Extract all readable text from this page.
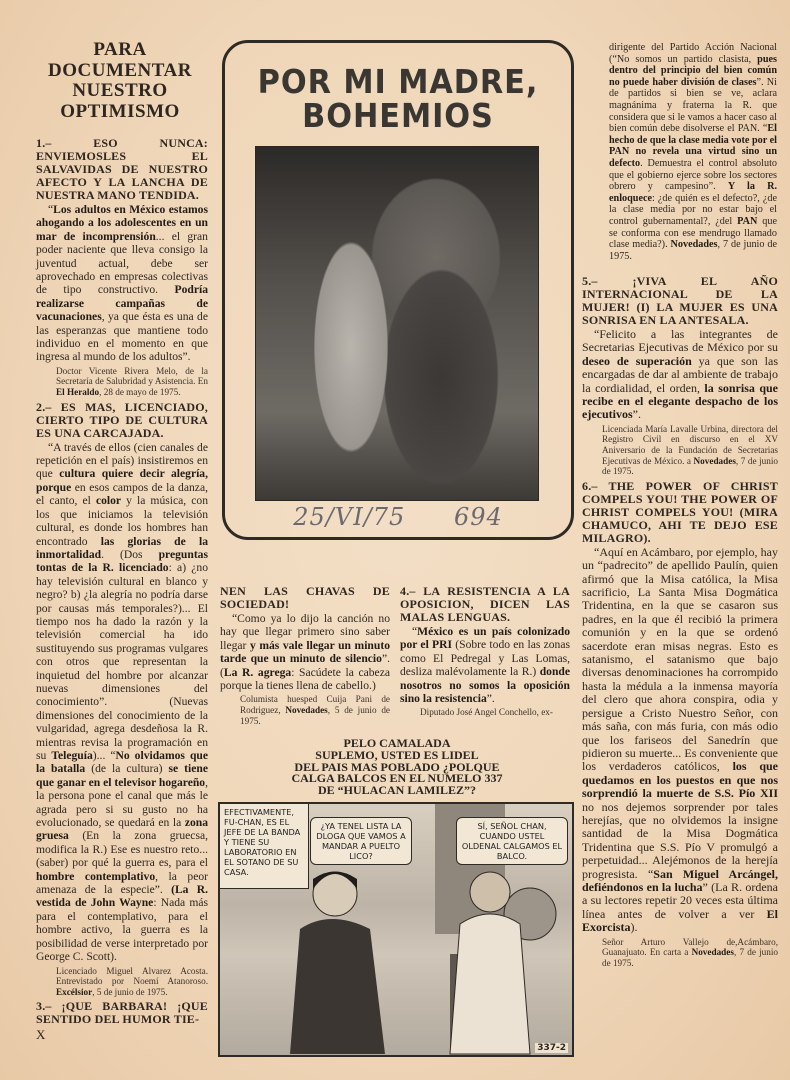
PARA
DOCUMENTAR
NUESTRO
OPTIMISMO
1.– ESO NUNCA: ENVIEMOSLES EL SALVAVIDAS DE NUESTRO AFECTO Y LA LANCHA DE NUESTRA MANO TENDIDA.

“Los adultos en México estamos ahogando a los adolescentes en un mar de incomprensión... el gran poder naciente que lleva consigo la juventud actual, debe ser aprovechado en empresas colectivas de tipo constructivo. Podría realizarse campañas de vacunaciones, ya que ésta es una de las esperanzas que mantiene todo individuo en el momento en que ingresa al mundo de los adultos”.

Doctor Vicente Rivera Melo, de la Secretaría de Salubridad y Asistencia. En El Heraldo, 28 de mayo de 1975.
2.– ES MAS, LICENCIADO, CIERTO TIPO DE CULTURA ES UNA CARCAJADA.

“A través de ellos (cien canales de repetición en el país) insistiremos en que cultura quiere decir alegría, porque en esos campos de la danza, el canto, el color y la música, con los que iniciamos la televisión cultural, es donde los hombres han encontrado las glorias de la inmortalidad. (Dos preguntas tontas de la R. licenciado: a) ¿no hay televisión cultural en blanco y negro? b) ¿la alegría no podría darse por causas más temporales?)... El tiempo nos ha dado la razón y la televisión comercial ha ido sustituyendo sus programas vulgares con otros que representan la inquietud del hombre por alcanzar nuevas dimensiones del conocimiento”. (Nuevas dimensiones del conocimiento de la vulgaridad, agrega desdeñosa la R. mientras revisa la programación en su Teleguía)... “No olvidamos que la batalla (de la cultura) se tiene que ganar en el televisor hogareño, la persona pone el canal que más le agrada pero si su gusto no ha evolucionado, se quedará en la zona gruesa (En la zona gruecsa, modifica la R.) Ese es nuestro reto... (saber) por qué la guerra es, para el hombre contemplativo, la peor amenaza de la especie”. (La R. vestida de John Wayne: Nada más para el contemplativo, para el hombre activo, la guerra es la posibilidad de verse interpretado por George C. Scott).

Licenciado Miguel Alvarez Acosta. Entrevistado por Noemí Atanoroso. Excélsior, 5 de junio de 1975.
3.– ¡QUE BARBARA! ¡QUE SENTIDO DEL HUMOR TIE-
X
POR MI MADRE,
BOHEMIOS
25/VI/75 694
NEN LAS CHAVAS DE SOCIEDAD!

“Como ya lo dijo la canción no hay que llegar primero sino saber llegar y más vale llegar un minuto tarde que un minuto de silencio”. (La R. agrega: Sacúdete la cabeza porque la tienes llena de cabello.)

Columista huesped Cuija Pani de Rodriguez, Novedades, 5 de junio de 1975.
4.– LA RESISTENCIA A LA OPOSICION, DICEN LAS MALAS LENGUAS.

“México es un país colonizado por el PRI (Sobre todo en las zonas como El Pedregal y Las Lomas, desliza malévolamente la R.) donde nosotros no somos la oposición sino la resistencia”.

Diputado José Angel Conchello, ex-
PELO CAMALADA
SUPLEMO, USTED ES LIDEL
DEL PAIS MAS POBLADO ¿POLQUE
CALGA BALCOS EN EL NUMELO 337
DE “HULACAN LAMILEZ”?
EFECTIVAMENTE, FU-CHAN, ES EL JEFE DE LA BANDA Y TIENE SU LABORATORIO EN EL SOTANO DE SU CASA.
¿YA TENEL LISTA LA DLOGA QUE VAMOS A MANDAR A PUELTO LICO?
SÍ, SEÑOL CHAN, CUANDO USTEL OLDENAL CALGAMOS EL BALCO.
337-2
dirigente del Partido Acción Nacional (“No somos un partido clasista, pues dentro del principio del bien común no puede haber división de clases”. Ni de partidos si bien se ve, aclara magnánima y fraterna la R. que considera que si le vamos a hacer caso al bien común debe disolverse el PAN. “El hecho de que la clase media vote por el PAN no revela una virtud sino un defecto. Demuestra el control absoluto que el gobierno ejerce sobre los sectores obrero y campesino”. Y la R. enloquece: ¿de quién es el defecto?, ¿de la clase media por no estar bajo el control gubernamental?, ¿del PAN que se conforma con ese mendrugo llamado clase media?). Novedades, 7 de junio de 1975.
5.– ¡VIVA EL AÑO INTERNACIONAL DE LA MUJER! (I) LA MUJER ES UNA SONRISA EN LA ANTESALA.

“Felicito a las integrantes de Secretarias Ejecutivas de México por su deseo de superación ya que son las encargadas de dar al ambiente de trabajo la cordialidad, el orden, la sonrisa que recibe en el elegante despacho de los ejecutivos”.

Licenciada María Lavalle Urbina, directora del Registro Civil en discurso en el XV Aniversario de la Fundación de Secretarias Ejecutivas de México. a Novedades, 7 de junio de 1975.
6.– THE POWER OF CHRIST COMPELS YOU! THE POWER OF CHRIST COMPELS YOU! (MIRA CHAMUCO, AHI TE DEJO ESE MILAGRO).

“Aquí en Acámbaro, por ejemplo, hay un “padrecito” de apellido Paulín, quien afirmó que la Misa católica, la Misa sacrificio, La Santa Misa Dogmática Tridentina, en la que se casaron sus padres, en la que él recibió la primera comunión y en la que se ordenó sacerdote eran misas negras. Esto es satanismo, el satanismo que bajo diversas denominaciones ha corrompido hasta la médula a la inmensa mayoría del clero que ahora conspira, odia y persigue a Cristo Nuestro Señor, con más saña, con más furia, con más odio que los fariseos del Sanedrín que pidieron su muerte... Es conveniente que los verdaderos católicos, los que quedamos en los puestos en que nos sorprendió la muerte de S.S. Pío XII no nos dejemos sorprender por tales herejías, que no olvidemos la insigne santidad de la Misa Dogmática Tridentina que S.S. Pío V promulgó a perpetuidad... Alejémonos de la herejía progresista. “San Miguel Arcángel, defiéndonos en la lucha” (La R. ordena a su lectores repetir 20 veces esta última línea antes de volver a ver El Exorcista).

Señor Arturo Vallejo de,Acámbaro, Guanajuato. En carta a Novedades, 7 de junio de 1975.
